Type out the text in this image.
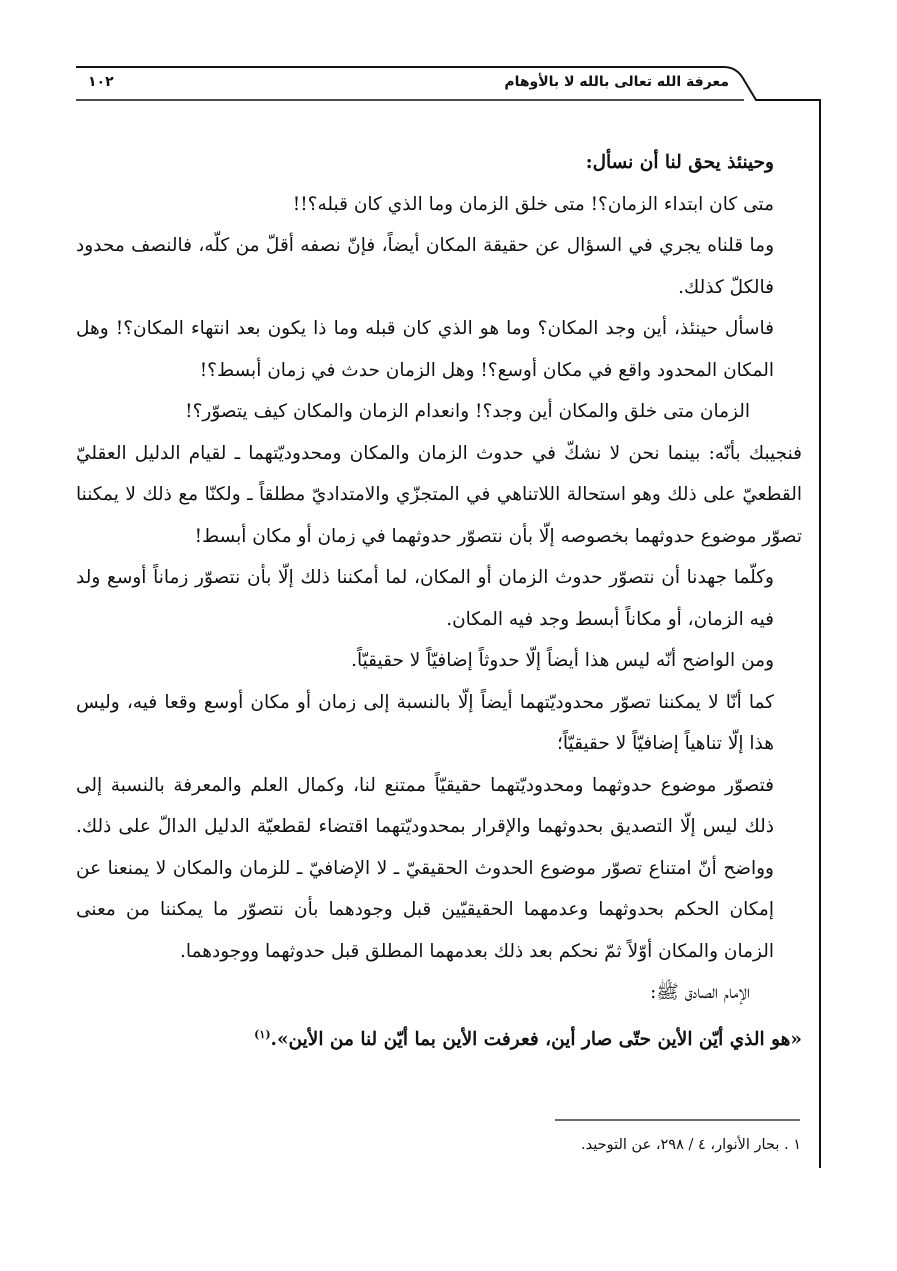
معرفة الله تعالى بالله لا بالأوهام
١٠٢

وحينئذ يحق لنا أن نسأل:

متى كان ابتداء الزمان؟! متى خلق الزمان وما الذي كان قبله؟!!

وما قلناه يجري في السؤال عن حقيقة المكان أيضاً، فإنّ نصفه أقلّ من كلّه، فالنصف محدود فالكلّ كذلك.

فاسأل حينئذ، أين وجد المكان؟ وما هو الذي كان قبله وما ذا يكون بعد انتهاء المكان؟! وهل المكان المحدود واقع في مكان أوسع؟! وهل الزمان حدث في زمان أبسط؟!

الزمان متى خلق والمكان أين وجد؟! وانعدام الزمان والمكان كيف يتصوّر؟!

فنجيبك بأنّه: بينما نحن لا نشكّ في حدوث الزمان والمكان ومحدوديّتهما ـ لقيام الدليل العقليّ القطعيّ على ذلك وهو استحالة اللاتناهي في المتجزّي والامتداديّ مطلقاً ـ ولكنّا مع ذلك لا يمكننا تصوّر موضوع حدوثهما بخصوصه إلّا بأن نتصوّر حدوثهما في زمان أو مكان أبسط!

وكلّما جهدنا أن نتصوّر حدوث الزمان أو المكان، لما أمكننا ذلك إلّا بأن نتصوّر زماناً أوسع ولد فيه الزمان، أو مكاناً أبسط وجد فيه المكان.

ومن الواضح أنّه ليس هذا أيضاً إلّا حدوثاً إضافيّاً لا حقيقيّاً.

كما أنّا لا يمكننا تصوّر محدوديّتهما أيضاً إلّا بالنسبة إلى زمان أو مكان أوسع وقعا فيه، وليس هذا إلّا تناهياً إضافيّاً لا حقيقيّاً؛

فتصوّر موضوع حدوثهما ومحدوديّتهما حقيقيّاً ممتنع لنا، وكمال العلم والمعرفة بالنسبة إلى ذلك ليس إلّا التصديق بحدوثهما والإقرار بمحدوديّتهما اقتضاء لقطعيّة الدليل الدالّ على ذلك. وواضح أنّ امتناع تصوّر موضوع الحدوث الحقيقيّ ـ لا الإضافيّ ـ للزمان والمكان لا يمنعنا عن إمكان الحكم بحدوثهما وعدمهما الحقيقيّين قبل وجودهما بأن نتصوّر ما يمكننا من معنى الزمان والمكان أوّلاً ثمّ نحكم بعد ذلك بعدمهما المطلق قبل حدوثهما ووجودهما.

الإمام الصادق ﷺ:

«هو الذي أيّن الأين حتّى صار أين، فعرفت الأين بما أيّن لنا من الأين».$^{(١)}$

١ . بحار الأنوار، ٤ / ٢٩٨، عن التوحيد.
